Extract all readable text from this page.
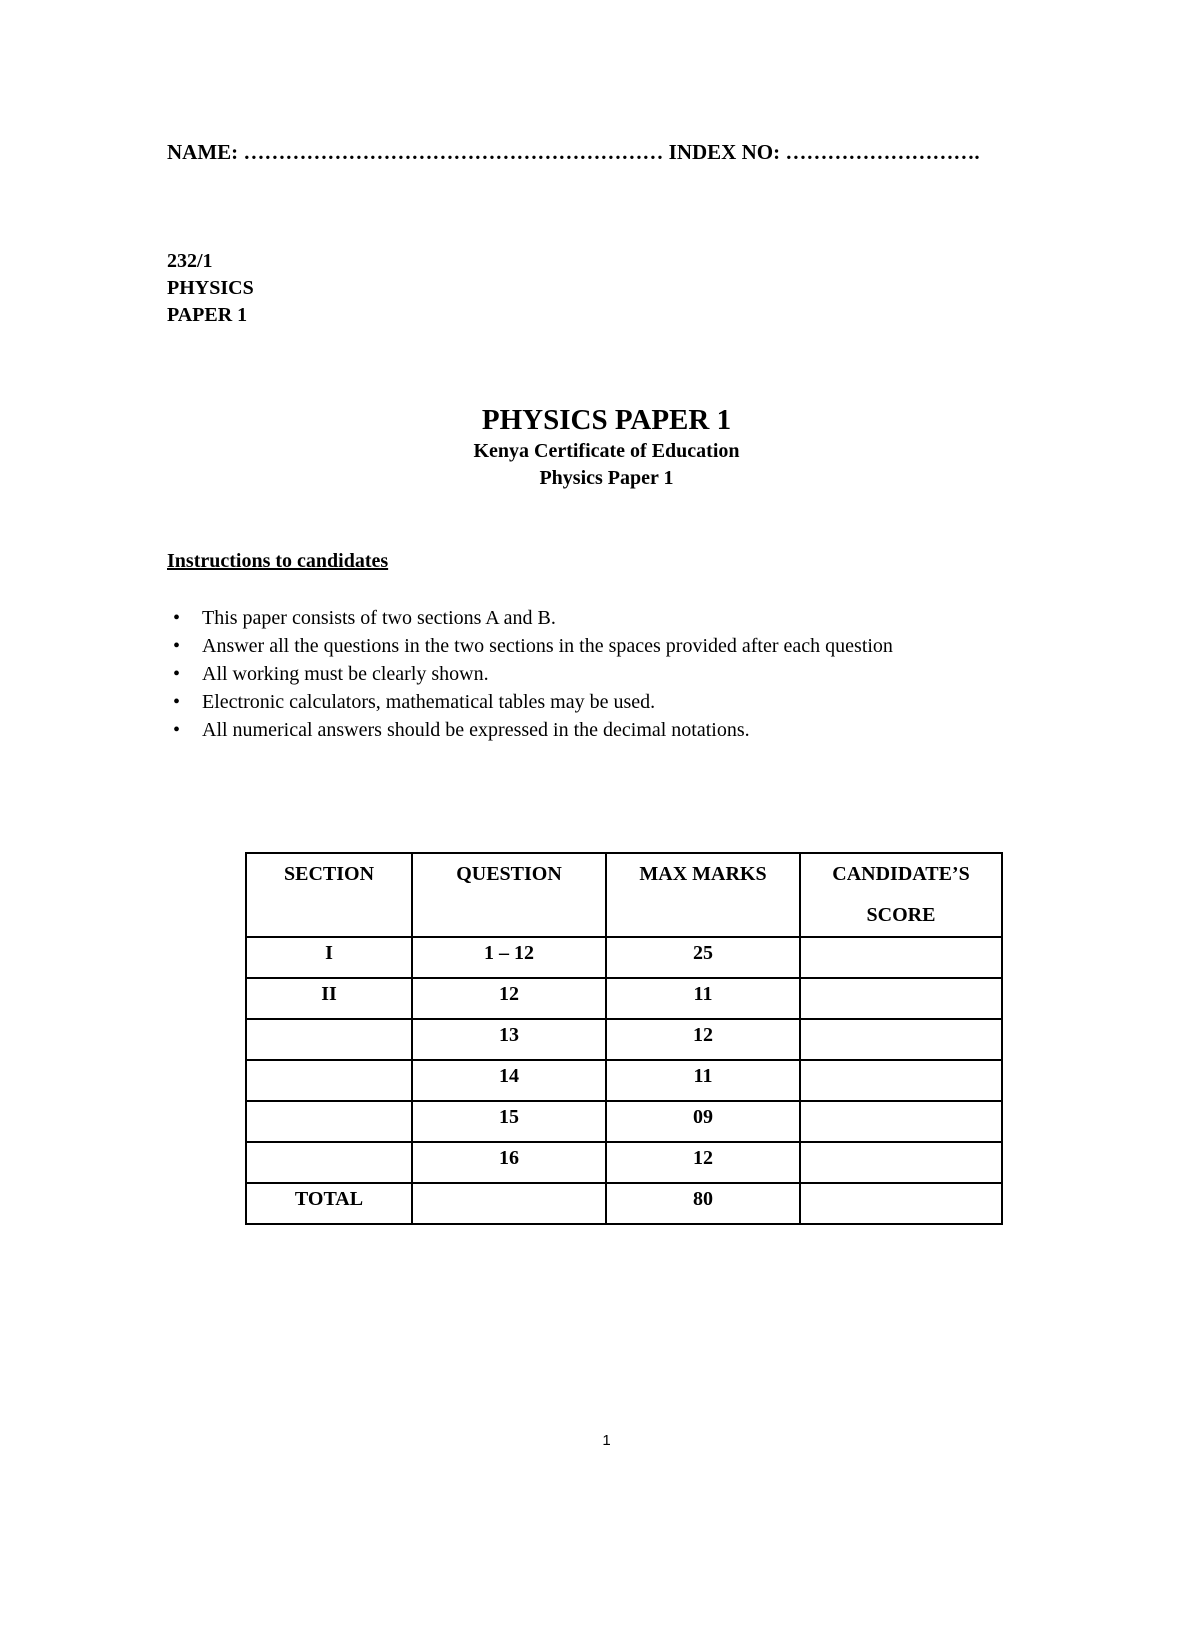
NAME: …………………………………………………… INDEX NO: ……………………….
232/1
PHYSICS
PAPER 1
PHYSICS PAPER 1
Kenya Certificate of Education
Physics Paper 1
Instructions to candidates
• This paper consists of two sections A and B.
• Answer all the questions in the two sections in the spaces provided after each question
• All working must be clearly shown.
• Electronic calculators, mathematical tables may be used.
• All numerical answers should be expressed in the decimal notations.
SECTION	QUESTION	MAX MARKS	CANDIDATE’S
SCORE

I	1 – 12	25	
II	12	11	
	13	12	
	14	11	
	15	09	
	16	12	
TOTAL		80	
1
